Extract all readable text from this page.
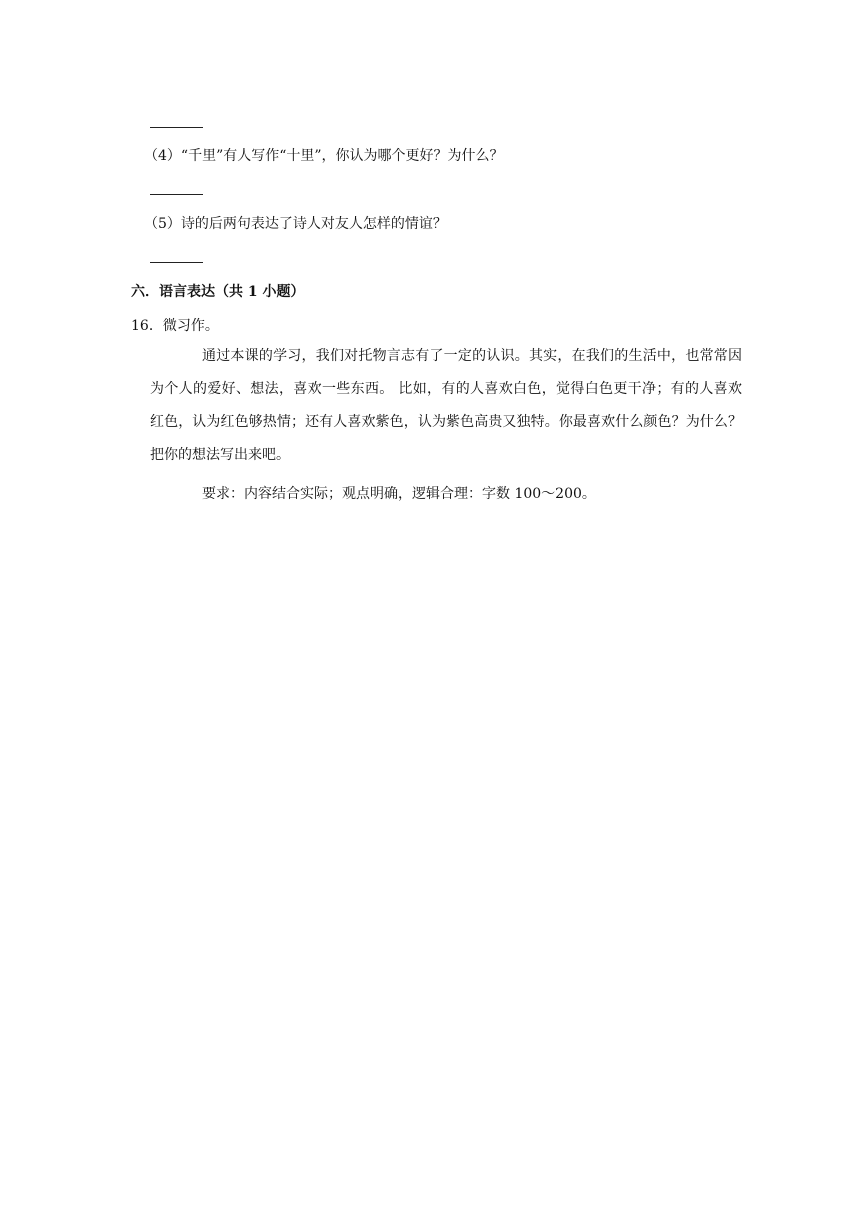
（4）“千里”有人写作“十里”，你认为哪个更好？为什么？
（5）诗的后两句表达了诗人对友人怎样的情谊？
六．语言表达（共 1 小题）
16．微习作。
通过本课的学习，我们对托物言志有了一定的认识。其实，在我们的生活中，也常常因为个人的爱好、想法，喜欢一些东西。 比如，有的人喜欢白色，觉得白色更干净；有的人喜欢红色，认为红色够热情；还有人喜欢紫色，认为紫色高贵又独特。你最喜欢什么颜色？为什么？把你的想法写出来吧。
要求：内容结合实际；观点明确，逻辑合理：字数 100～200。
